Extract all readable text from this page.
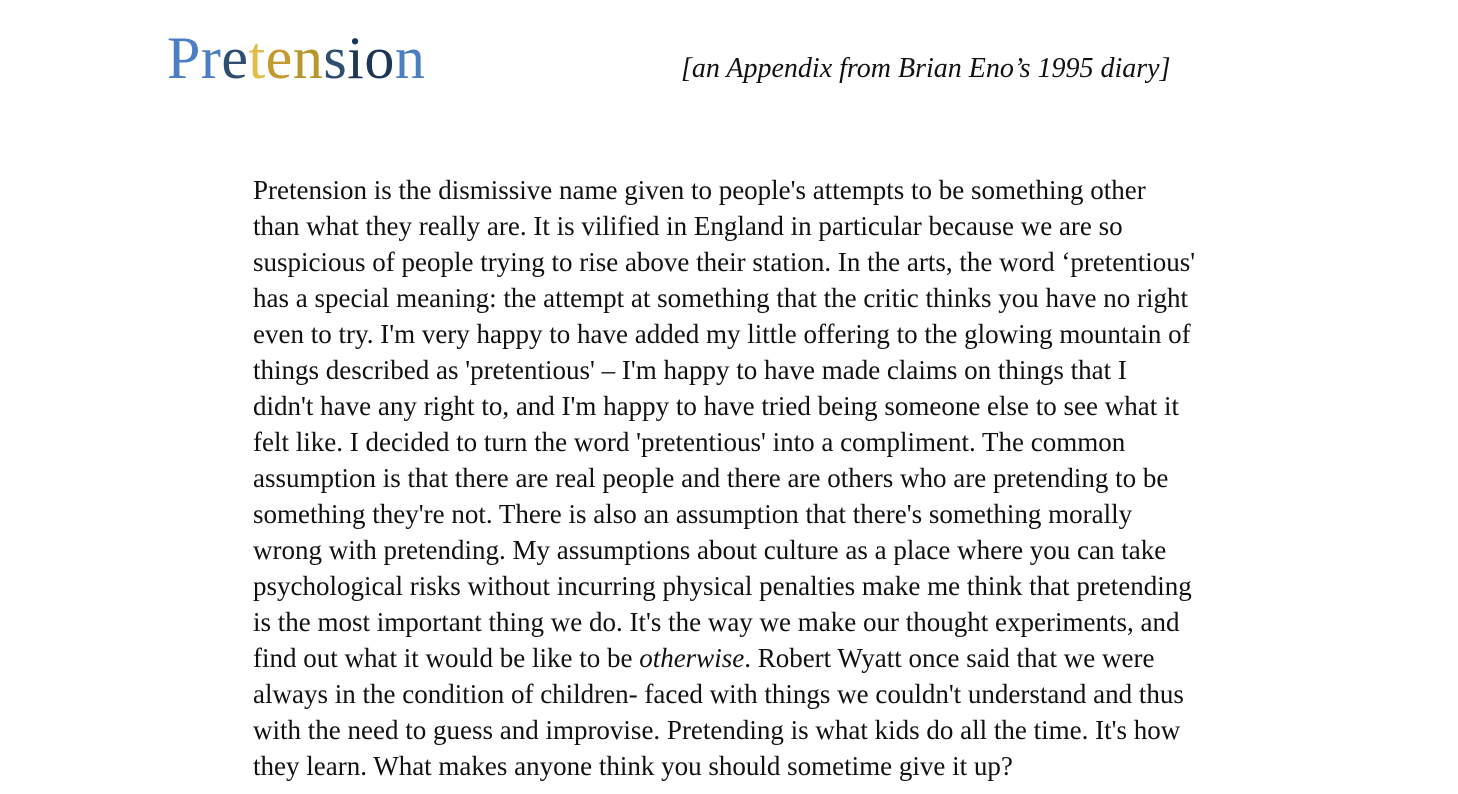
Pretension	[an Appendix from Brian Eno’s 1995 diary]

Pretension is the dismissive name given to people's attempts to be something other
than what they really are. It is vilified in England in particular because we are so
suspicious of people trying to rise above their station. In the arts, the word ‘pretentious'
has a special meaning: the attempt at something that the critic thinks you have no right
even to try. I'm very happy to have added my little offering to the glowing mountain of
things described as 'pretentious' – I'm happy to have made claims on things that I
didn't have any right to, and I'm happy to have tried being someone else to see what it
felt like. I decided to turn the word 'pretentious' into a compliment. The common
assumption is that there are real people and there are others who are pretending to be
something they're not. There is also an assumption that there's something morally
wrong with pretending. My assumptions about culture as a place where you can take
psychological risks without incurring physical penalties make me think that pretending
is the most important thing we do. It's the way we make our thought experiments, and
find out what it would be like to be otherwise. Robert Wyatt once said that we were
always in the condition of children- faced with things we couldn't understand and thus
with the need to guess and improvise. Pretending is what kids do all the time. It's how
they learn. What makes anyone think you should sometime give it up?
